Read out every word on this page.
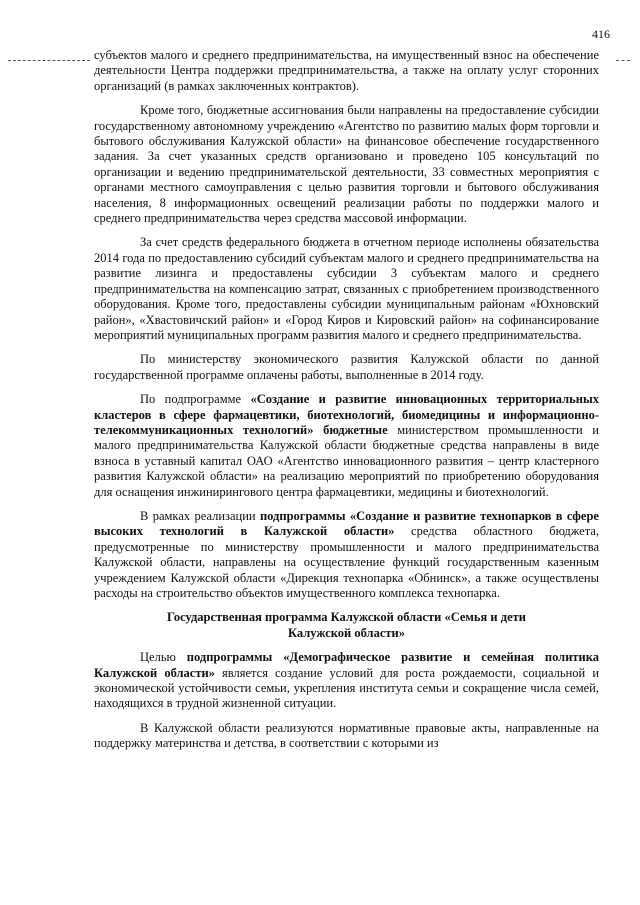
416

субъектов малого и среднего предпринимательства, на имущественный взнос на обеспечение деятельности Центра поддержки предпринимательства, а также на оплату услуг сторонних организаций (в рамках заключенных контрактов).

Кроме того, бюджетные ассигнования были направлены на предоставление субсидии государственному автономному учреждению «Агентство по развитию малых форм торговли и бытового обслуживания Калужской области» на финансовое обеспечение государственного задания. За счет указанных средств организовано и проведено 105 консультаций по организации и ведению предпринимательской деятельности, 33 совместных мероприятия с органами местного самоуправления с целью развития торговли и бытового обслуживания населения, 8 информационных освещений реализации работы по поддержки малого и среднего предпринимательства через средства массовой информации.

За счет средств федерального бюджета в отчетном периоде исполнены обязательства 2014 года по предоставлению субсидий субъектам малого и среднего предпринимательства на развитие лизинга и предоставлены субсидии 3 субъектам малого и среднего предпринимательства на компенсацию затрат, связанных с приобретением производственного оборудования. Кроме того, предоставлены субсидии муниципальным районам «Юхновский район», «Хвастовичский район» и «Город Киров и Кировский район» на софинансирование мероприятий муниципальных программ развития малого и среднего предпринимательства.

По министерству экономического развития Калужской области по данной государственной программе оплачены работы, выполненные в 2014 году.

По подпрограмме «Создание и развитие инновационных территориальных кластеров в сфере фармацевтики, биотехнологий, биомедицины и информационно-телекоммуникационных технологий» бюджетные министерством промышленности и малого предпринимательства Калужской области бюджетные средства направлены в виде взноса в уставный капитал ОАО «Агентство инновационного развития – центр кластерного развития Калужской области» на реализацию мероприятий по приобретению оборудования для оснащения инжинирингового центра фармацевтики, медицины и биотехнологий.

В рамках реализации подпрограммы «Создание и развитие технопарков в сфере высоких технологий в Калужской области» средства областного бюджета, предусмотренные по министерству промышленности и малого предпринимательства Калужской области, направлены на осуществление функций государственным казенным учреждением Калужской области «Дирекция технопарка «Обнинск», а также осуществлены расходы на строительство объектов имущественного комплекса технопарка.

Государственная программа Калужской области «Семья и дети Калужской области»

Целью подпрограммы «Демографическое развитие и семейная политика Калужской области» является создание условий для роста рождаемости, социальной и экономической устойчивости семьи, укрепления института семьи и сокращение числа семей, находящихся в трудной жизненной ситуации.

В Калужской области реализуются нормативные правовые акты, направленные на поддержку материнства и детства, в соответствии с которыми из
